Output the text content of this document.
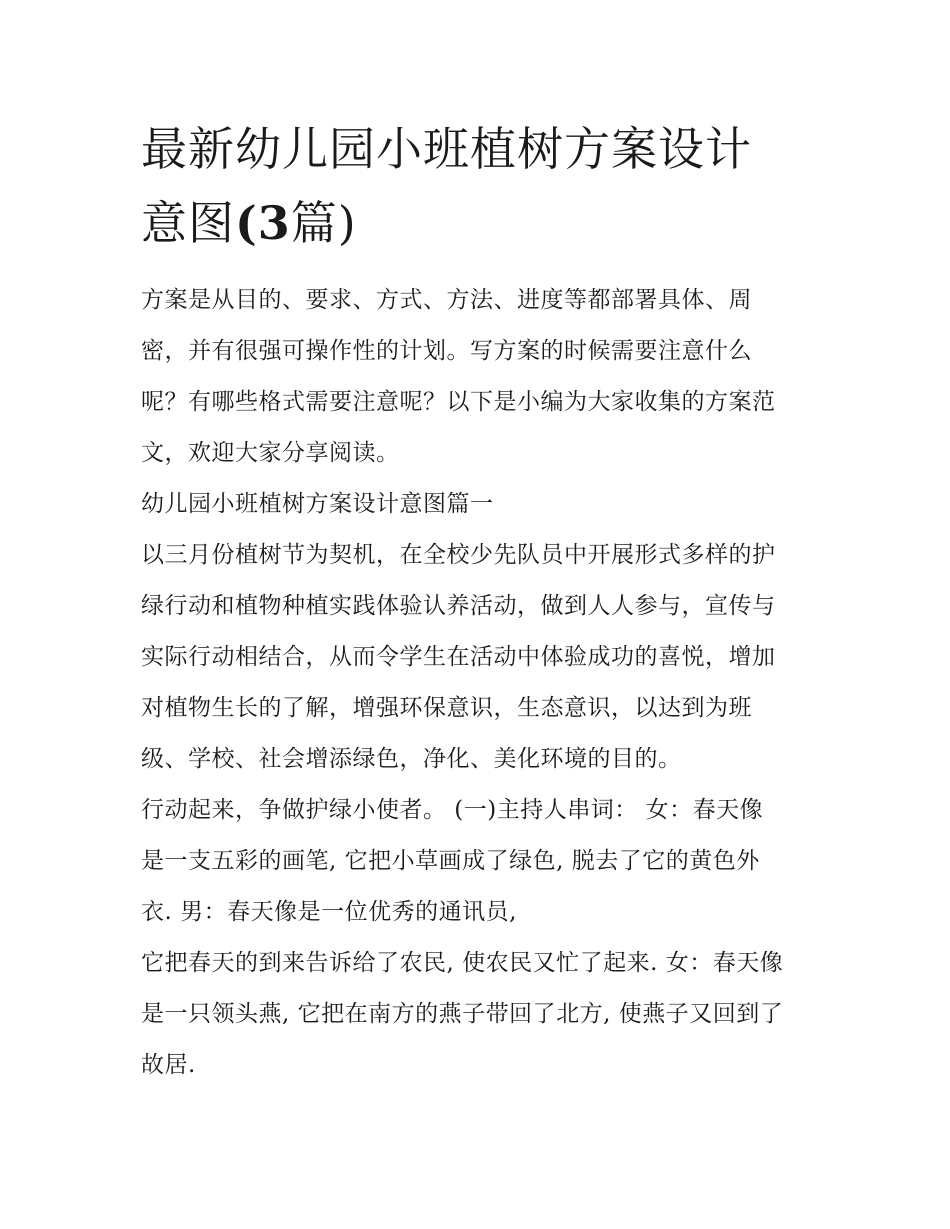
最新幼儿园小班植树方案设计
意图(3篇)

方案是从目的、要求、方式、方法、进度等都部署具体、周

密，并有很强可操作性的计划。写方案的时候需要注意什么

呢？有哪些格式需要注意呢？以下是小编为大家收集的方案范

文，欢迎大家分享阅读。

幼儿园小班植树方案设计意图篇一

以三月份植树节为契机，在全校少先队员中开展形式多样的护

绿行动和植物种植实践体验认养活动，做到人人参与，宣传与

实际行动相结合，从而令学生在活动中体验成功的喜悦，增加

对植物生长的了解，增强环保意识，生态意识，以达到为班

级、学校、社会增添绿色，净化、美化环境的目的。

行动起来，争做护绿小使者。 (一)主持人串词： 女：春天像

是一支五彩的画笔, 它把小草画成了绿色, 脱去了它的黄色外

衣. 男：春天像是一位优秀的通讯员,

它把春天的到来告诉给了农民, 使农民又忙了起来. 女：春天像

是一只领头燕, 它把在南方的燕子带回了北方, 使燕子又回到了

故居.
